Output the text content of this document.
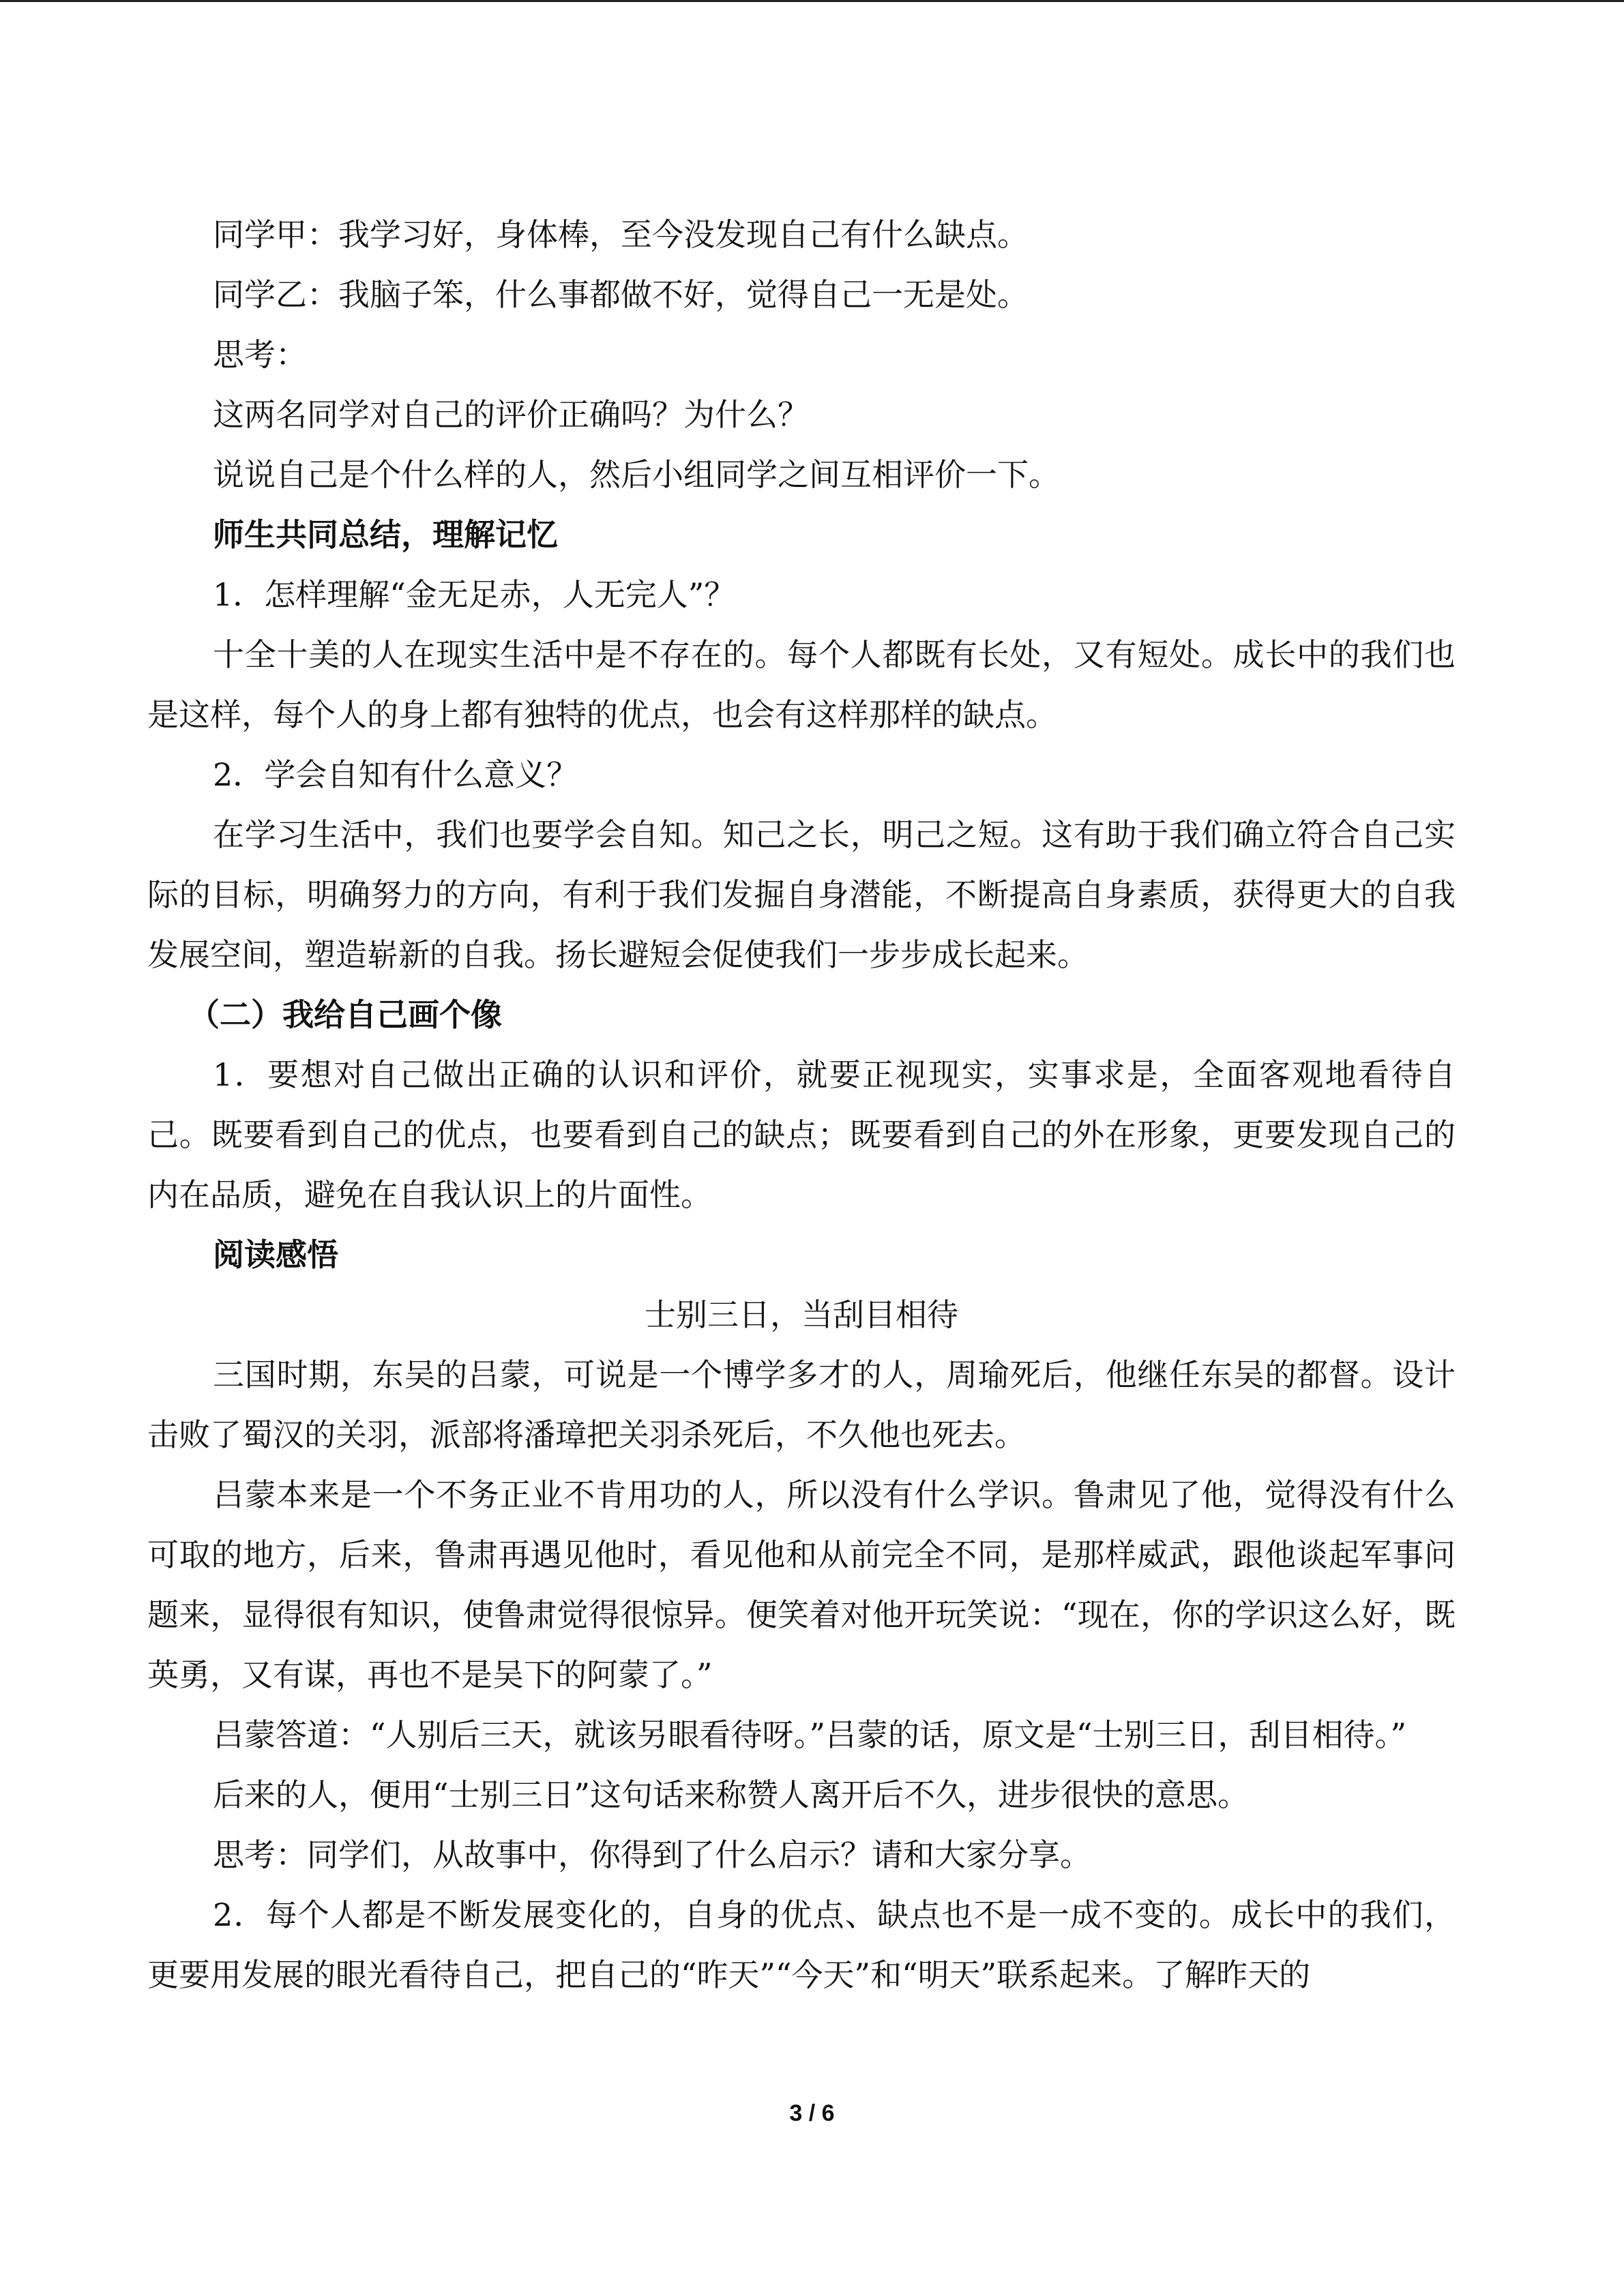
同学甲：我学习好，身体棒，至今没发现自己有什么缺点。

同学乙：我脑子笨，什么事都做不好，觉得自己一无是处。

思考：

这两名同学对自己的评价正确吗？为什么？

说说自己是个什么样的人，然后小组同学之间互相评价一下。

师生共同总结，理解记忆

1．怎样理解“金无足赤，人无完人”？

十全十美的人在现实生活中是不存在的。每个人都既有长处，又有短处。成长中的我们也是这样，每个人的身上都有独特的优点，也会有这样那样的缺点。

2．学会自知有什么意义？

在学习生活中，我们也要学会自知。知己之长，明己之短。这有助于我们确立符合自己实际的目标，明确努力的方向，有利于我们发掘自身潜能，不断提高自身素质，获得更大的自我发展空间，塑造崭新的自我。扬长避短会促使我们一步步成长起来。

（二）我给自己画个像

1．要想对自己做出正确的认识和评价，就要正视现实，实事求是，全面客观地看待自己。既要看到自己的优点，也要看到自己的缺点；既要看到自己的外在形象，更要发现自己的内在品质，避免在自我认识上的片面性。

阅读感悟

士别三日，当刮目相待

三国时期，东吴的吕蒙，可说是一个博学多才的人，周瑜死后，他继任东吴的都督。设计击败了蜀汉的关羽，派部将潘璋把关羽杀死后，不久他也死去。

吕蒙本来是一个不务正业不肯用功的人，所以没有什么学识。鲁肃见了他，觉得没有什么可取的地方，后来，鲁肃再遇见他时，看见他和从前完全不同，是那样威武，跟他谈起军事问题来，显得很有知识，使鲁肃觉得很惊异。便笑着对他开玩笑说：“现在，你的学识这么好，既英勇，又有谋，再也不是吴下的阿蒙了。”

吕蒙答道：“人别后三天，就该另眼看待呀。”吕蒙的话，原文是“士别三日，刮目相待。”

后来的人，便用“士别三日”这句话来称赞人离开后不久，进步很快的意思。

思考：同学们，从故事中，你得到了什么启示？请和大家分享。

2．每个人都是不断发展变化的，自身的优点、缺点也不是一成不变的。成长中的我们，更要用发展的眼光看待自己，把自己的“昨天”“今天”和“明天”联系起来。了解昨天的

3 / 6
